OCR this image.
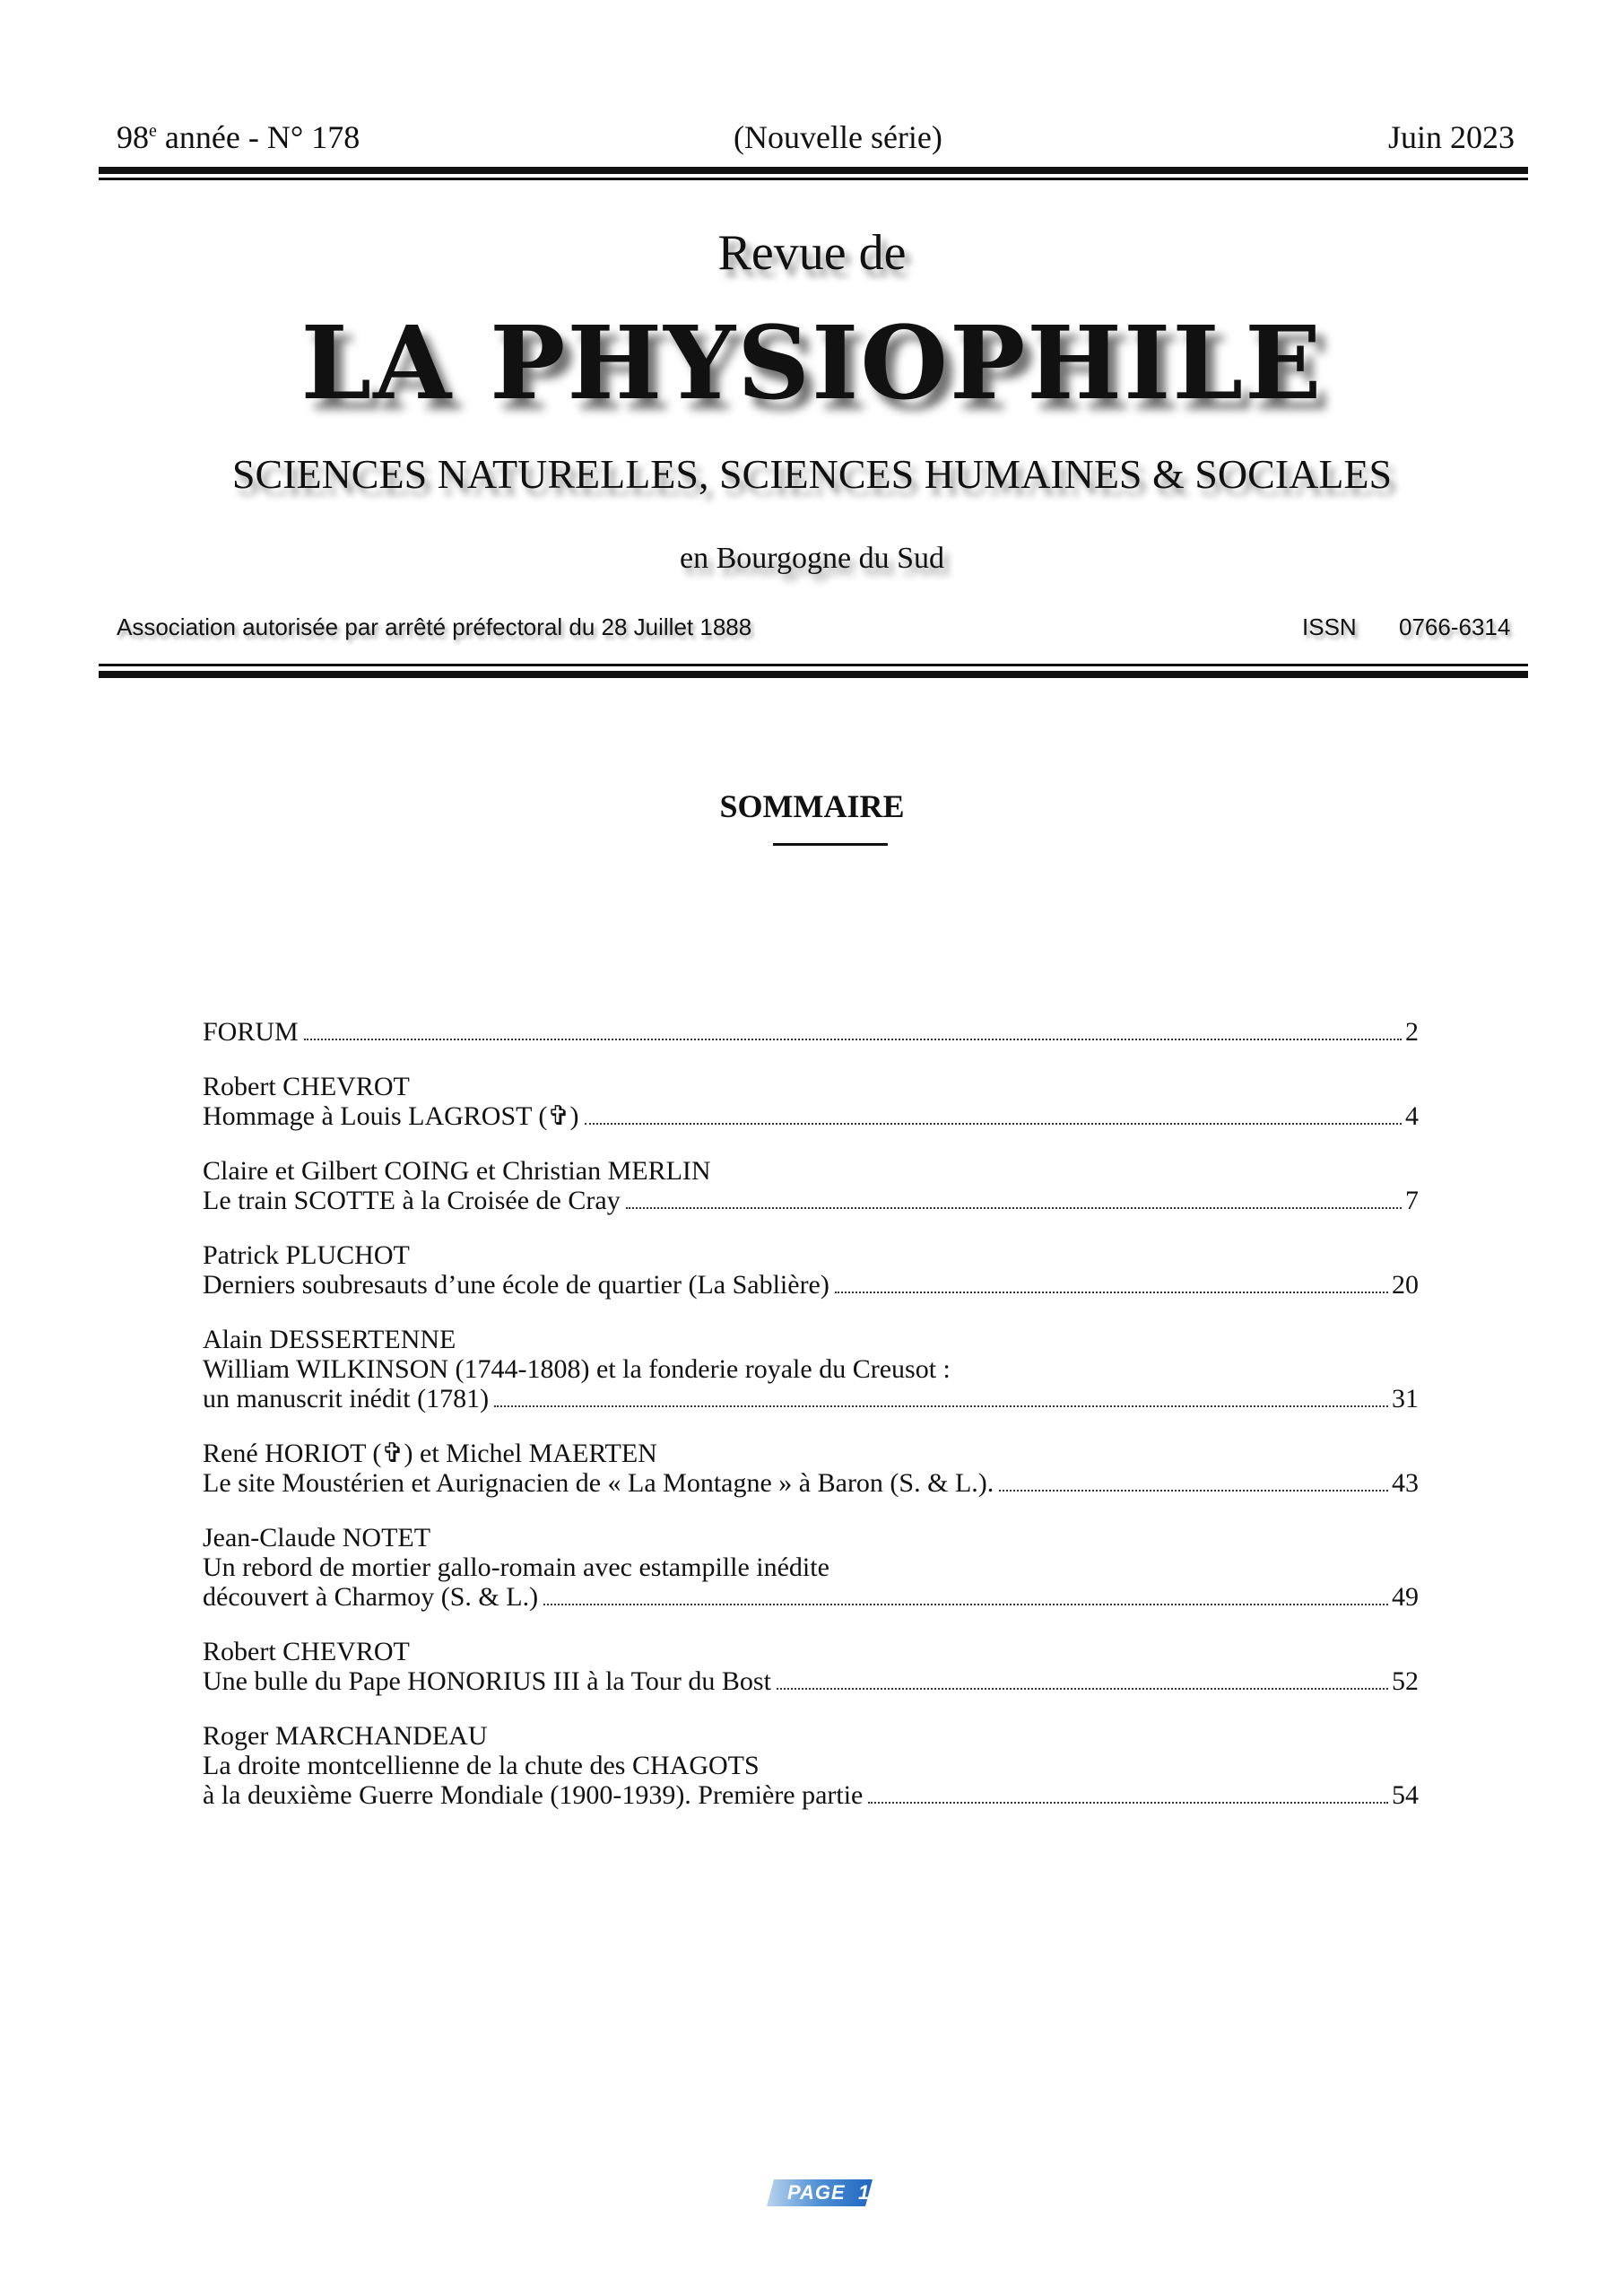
98e année - N° 178	(Nouvelle série)	Juin 2023
Revue de
LA PHYSIOPHILE
SCIENCES NATURELLES, SCIENCES HUMAINES & SOCIALES
en Bourgogne du Sud
Association autorisée par arrêté préfectoral du 28 Juillet 1888	ISSN 0766-6314
SOMMAIRE
FORUM	2
Robert CHEVROT
Hommage à Louis LAGROST (✞)	4
Claire et Gilbert COING et Christian MERLIN
Le train SCOTTE à la Croisée de Cray	7
Patrick PLUCHOT
Derniers soubresauts d’une école de quartier (La Sablière)	20
Alain DESSERTENNE
William WILKINSON (1744-1808) et la fonderie royale du Creusot :
un manuscrit inédit (1781)	31
René HORIOT (✞) et Michel MAERTEN
Le site Moustérien et Aurignacien de « La Montagne » à Baron (S. & L.).	43
Jean-Claude NOTET
Un rebord de mortier gallo-romain avec estampille inédite
découvert à Charmoy (S. & L.)	49
Robert CHEVROT
Une bulle du Pape HONORIUS III à la Tour du Bost	52
Roger MARCHANDEAU
La droite montcellienne de la chute des CHAGOTS
à la deuxième Guerre Mondiale (1900-1939). Première partie	54
PAGE 1
